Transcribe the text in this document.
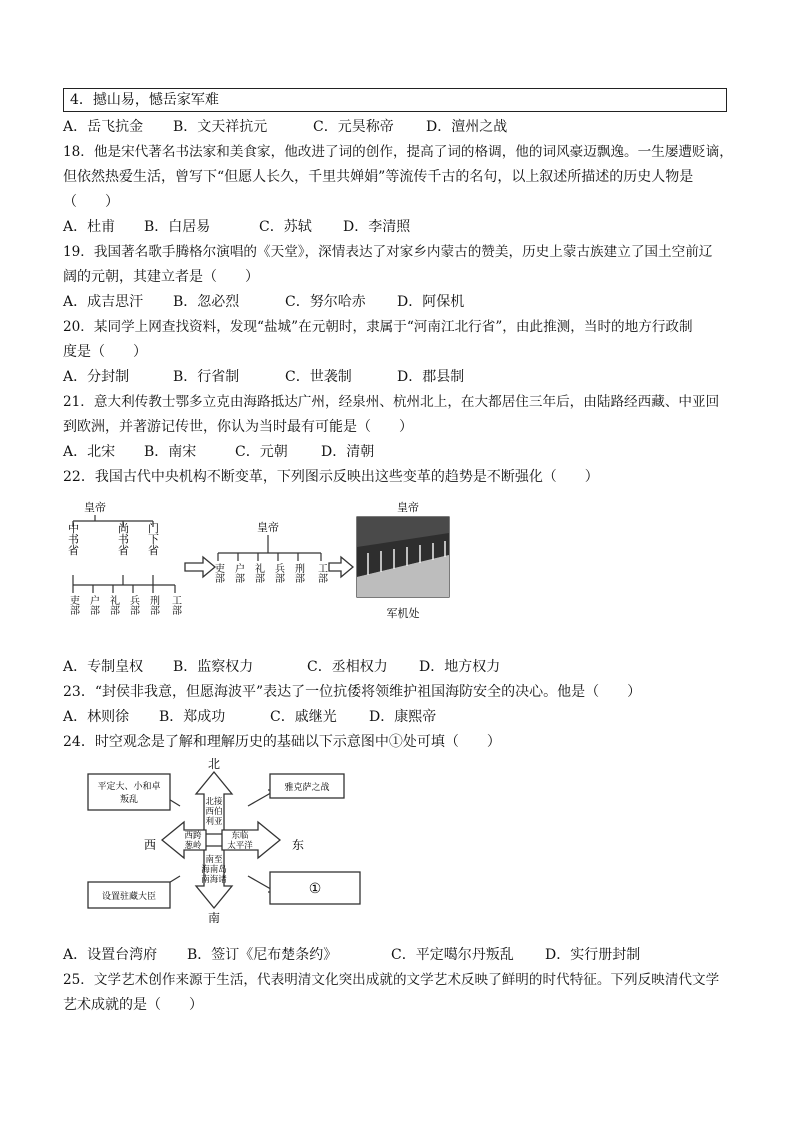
4．撼山易，憾岳家军难
A．岳飞抗金 B．文天祥抗元	C．元昊称帝 D．澶州之战
18．他是宋代著名书法家和美食家，他改进了词的创作，提高了词的格调，他的词风豪迈飘逸。一生屡遭贬谪，
但依然热爱生活，曾写下“但愿人长久，千里共婵娟”等流传千古的名句，以上叙述所描述的历史人物是
（　　）
A．杜甫 B．白居易	C．苏轼 D．李清照
19．我国著名歌手腾格尔演唱的《天堂》，深情表达了对家乡内蒙古的赞美，历史上蒙古族建立了国土空前辽
阔的元朝，其建立者是（　　）
A．成吉思汗 B．忽必烈	C．努尔哈赤 D．阿保机
20．某同学上网查找资料，发现“盐城”在元朝时，隶属于“河南江北行省”，由此推测，当时的地方行政制
度是（　　）
A．分封制	B．行省制	C．世袭制	D．郡县制
21．意大利传教士鄂多立克由海路抵达广州，经泉州、杭州北上，在大都居住三年后，由陆路经西藏、中亚回
到欧洲，并著游记传世，你认为当时最有可能是（　　）
A．北宋 B．南宋	C．元朝 D．清朝
22．我国古代中央机构不断变革，下列图示反映出这些变革的趋势是不断强化（　　）
皇帝
中书省	尚书省 门下省
吏部 户部 礼部 兵部 刑部 工部
皇帝
吏部 户部 礼部 兵部 刑部 工部
皇帝
军机处
A．专制皇权 B．监察权力	C．丞相权力 D．地方权力
23．“封侯非我意，但愿海波平”表达了一位抗倭将领维护祖国海防安全的决心。他是（　　）
A．林则徐 B．郑成功	C．戚继光 D．康熙帝
24．时空观念是了解和理解历史的基础以下示意图中①处可填（　　）
北
南
西	东
北接
西伯
利亚
西跨
葱岭
东临
太平洋
南至
海南岛
南海诸
平定大、小和卓
叛乱
雅克萨之战
设置驻藏大臣	①
A．设置台湾府 B．签订《尼布楚条约》	C．平定噶尔丹叛乱 D．实行册封制
25．文学艺术创作来源于生活，代表明清文化突出成就的文学艺术反映了鲜明的时代特征。下列反映清代文学
艺术成就的是（　　）
